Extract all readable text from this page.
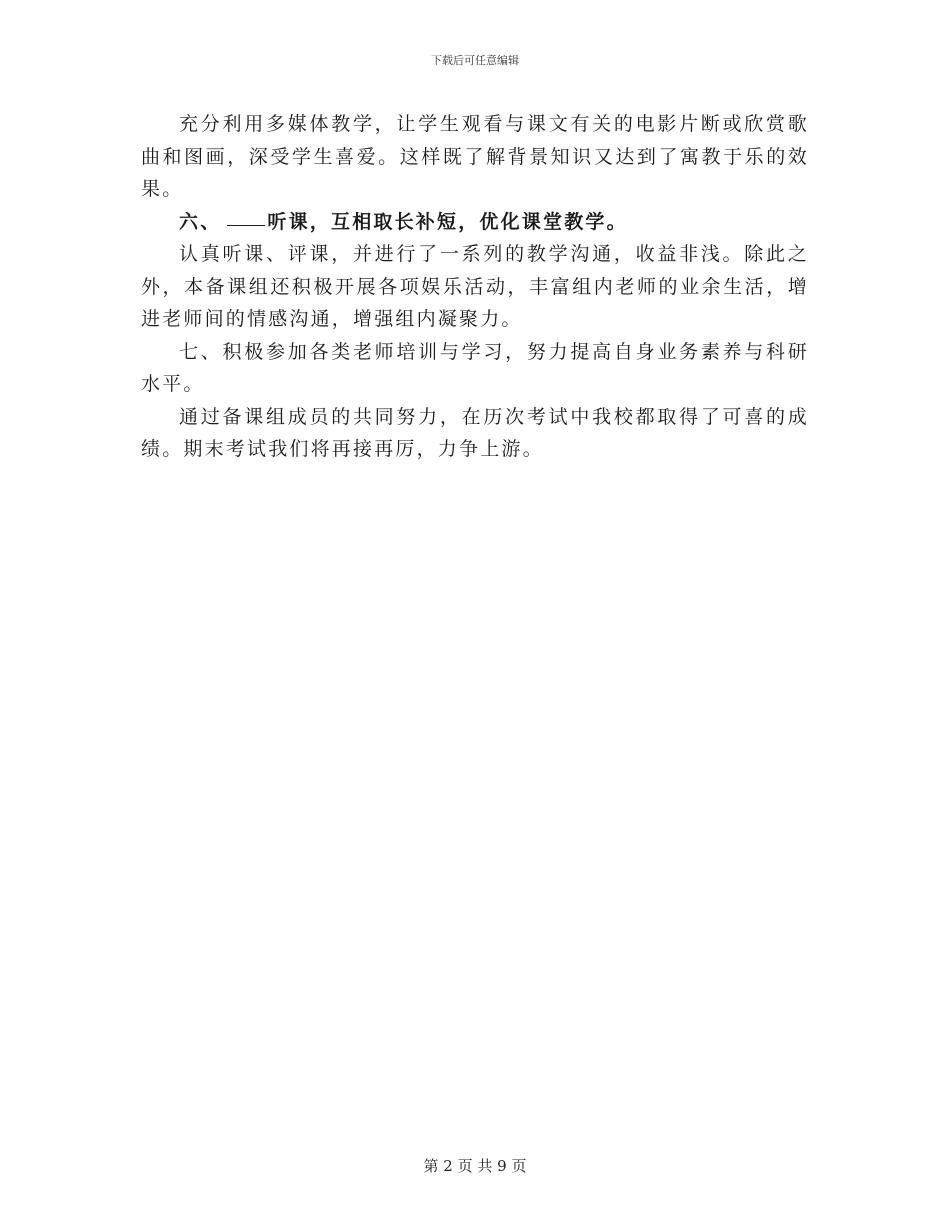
下载后可任意编辑

充分利用多媒体教学，让学生观看与课文有关的电影片断或欣赏歌曲和图画，深受学生喜爱。这样既了解背景知识又达到了寓教于乐的效果。

六、 听课，互相取长补短，优化课堂教学。

认真听课、评课，并进行了一系列的教学沟通，收益非浅。除此之外，本备课组还积极开展各项娱乐活动，丰富组内老师的业余生活，增进老师间的情感沟通，增强组内凝聚力。

七、积极参加各类老师培训与学习，努力提高自身业务素养与科研水平。

通过备课组成员的共同努力，在历次考试中我校都取得了可喜的成绩。期末考试我们将再接再厉，力争上游。

第 2 页 共 9 页
